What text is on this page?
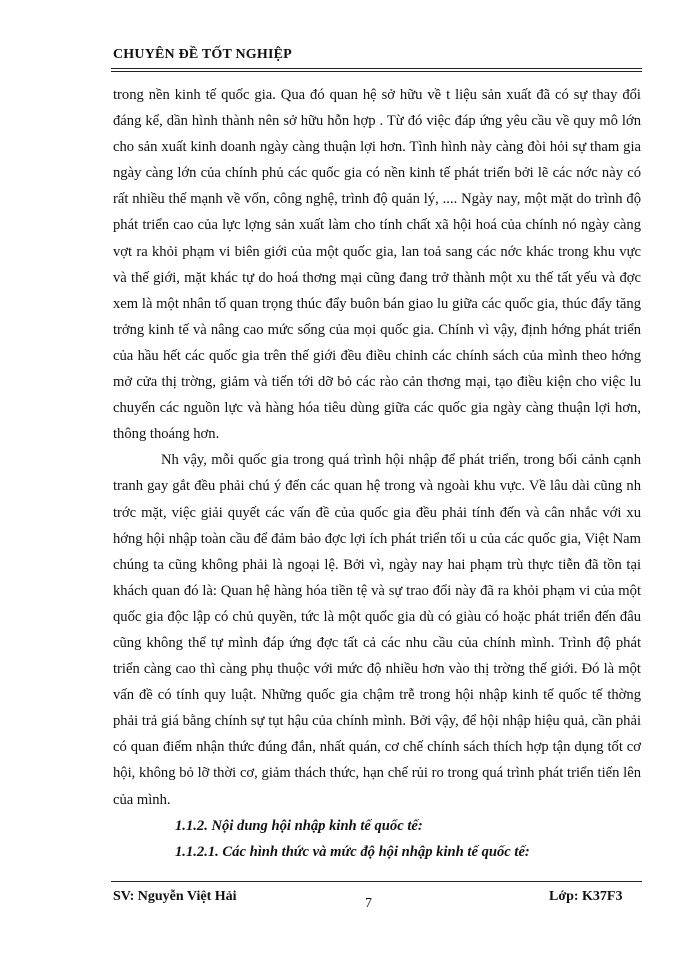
CHUYÊN ĐỀ TỐT NGHIỆP

trong nền kinh tế quốc gia. Qua đó quan hệ sở hữu về t liệu sản xuất đã có sự thay đổi đáng kể, dần hình thành nên sở hữu hỗn hợp . Từ đó việc đáp ứng yêu cầu về quy mô lớn cho sản xuất kinh doanh ngày càng thuận lợi hơn. Tình hình này càng đòi hỏi sự tham gia ngày càng lớn của chính phủ các quốc gia có nền kinh tế phát triển bởi lẽ các nớc này có rất nhiều thế mạnh về vốn, công nghệ, trình độ quản lý, .... Ngày nay, một mặt do trình độ phát triển cao của lực lợng sản xuất làm cho tính chất xã hội hoá của chính nó ngày càng vợt ra khỏi phạm vi biên giới của một quốc gia, lan toả sang các nớc khác trong khu vực và thế giới, mặt khác tự do hoá thơng mại cũng đang trở thành một xu thế tất yếu và đợc xem là một nhân tố quan trọng thúc đẩy buôn bán giao lu giữa các quốc gia, thúc đẩy tăng trởng kinh tế và nâng cao mức sống của mọi quốc gia. Chính vì vậy, định hớng phát triển của hầu hết các quốc gia trên thế giới đều điều chỉnh các chính sách của mình theo hớng mở cửa thị trờng, giảm và tiến tới dỡ bỏ các rào cản thơng mại, tạo điều kiện cho việc lu chuyển các nguồn lực và hàng hóa tiêu dùng giữa các quốc gia ngày càng thuận lợi hơn, thông thoáng hơn.

Nh vậy, mỗi quốc gia trong quá trình hội nhập để phát triển, trong bối cảnh cạnh tranh gay gắt đều phải chú ý đến các quan hệ trong và ngoài khu vực. Về lâu dài cũng nh trớc mặt, việc giải quyết các vấn đề của quốc gia đều phải tính đến và cân nhắc với xu hớng hội nhập toàn cầu để đảm bảo đợc lợi ích phát triển tối u của các quốc gia, Việt Nam chúng ta cũng không phải là ngoại lệ. Bởi vì, ngày nay hai phạm trù thực tiễn đã tồn tại khách quan đó là: Quan hệ hàng hóa tiền tệ và sự trao đổi này đã ra khỏi phạm vi của một quốc gia độc lập có chủ quyền, tức là một quốc gia dù có giàu có hoặc phát triển đến đâu cũng không thể tự mình đáp ứng đợc tất cả các nhu cầu của chính mình. Trình độ phát triển càng cao thì càng phụ thuộc với mức độ nhiều hơn vào thị trờng thế giới. Đó là một vấn đề có tính quy luật. Những quốc gia chậm trễ trong hội nhập kinh tế quốc tế thờng phải trả giá bằng chính sự tụt hậu của chính mình. Bởi vậy, để hội nhập hiệu quả, cần phải có quan điểm nhận thức đúng đắn, nhất quán, cơ chế chính sách thích hợp tận dụng tốt cơ hội, không bỏ lỡ thời cơ, giảm thách thức, hạn chế rủi ro trong quá trình phát triển tiến lên của mình.

1.1.2. Nội dung hội nhập kinh tế quốc tế:

1.1.2.1. Các hình thức và mức độ hội nhập kinh tế quốc tế:

SV: Nguyễn Việt Hải	7	Lớp: K37F3
